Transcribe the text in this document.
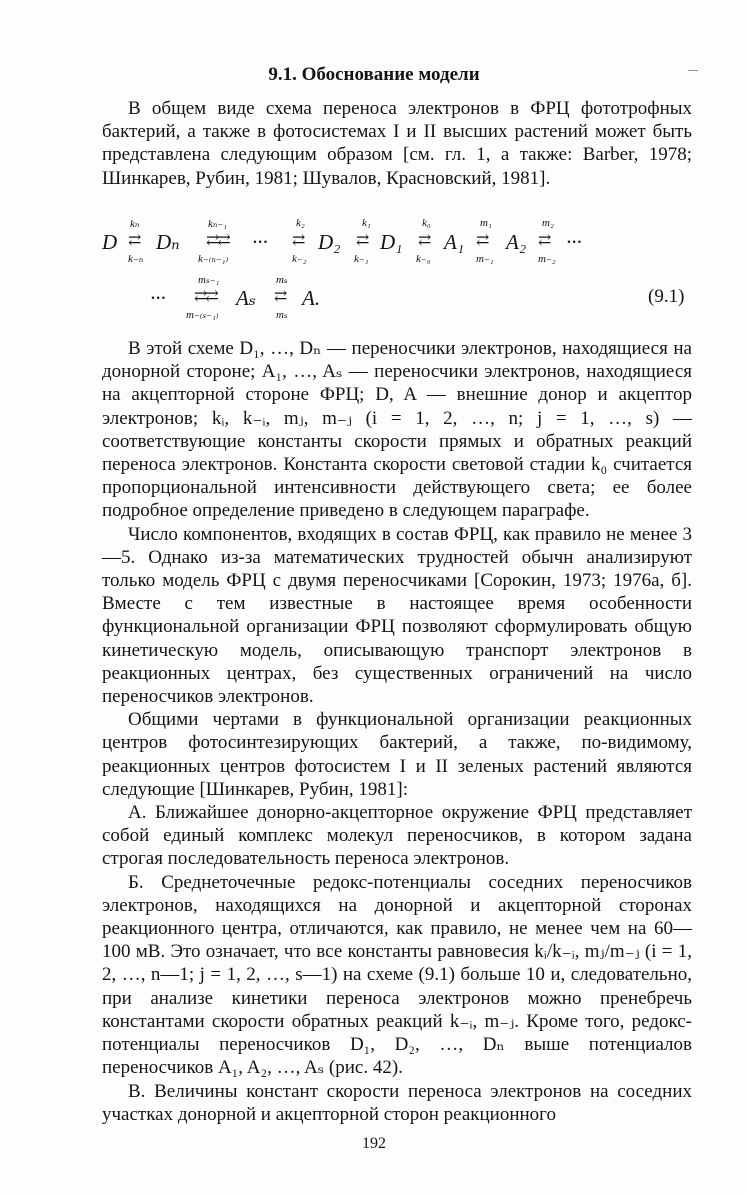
9.1. Обоснование модели

В общем виде схема переноса электронов в ФРЦ фототрофных бактерий, а также в фотосистемах I и II высших растений может быть представлена следующим образом [см. гл. 1, а также: Barber, 1978; Шинкарев, Рубин, 1981; Шувалов, Красновский, 1981].

D
kₙ
⇄
k₋ₙ
Dₙ
kₙ₋₁
⇄⇄
k₋₍ₙ₋₁₎
···
k₂
⇄
k₋₂
D₂
k₁
⇄
k₋₁
D₁
k₀
⇄
k₋₀
A₁
m₁
⇄
m₋₁
A₂
m₂
⇄
m₋₂
···
···
mₛ₋₁
⇄⇄
m₋₍ₛ₋₁₎
Aₛ
mₛ
⇄
mₛ
A.	(9.1)

В этой схеме D₁, …, Dₙ — переносчики электронов, находящиеся на донорной стороне; A₁, …, Aₛ — переносчики электронов, находящиеся на акцепторной стороне ФРЦ; D, A — внешние донор и акцептор электронов; kᵢ, k₋ᵢ, mⱼ, m₋ⱼ (i = 1, 2, …, n; j = 1, …, s) — соответствующие константы скорости прямых и обратных реакций переноса электронов. Константа скорости световой стадии k₀ считается пропорциональной интенсивности действующего света; ее более подробное определение приведено в следующем параграфе.

Число компонентов, входящих в состав ФРЦ, как правило не менее 3—5. Однако из-за математических трудностей обычн анализируют только модель ФРЦ с двумя переносчиками [Сорокин, 1973; 1976а, б]. Вместе с тем известные в настоящее время особенности функциональной организации ФРЦ позволяют сформулировать общую кинетическую модель, описывающую транспорт электронов в реакционных центрах, без существенных ограничений на число переносчиков электронов.

Общими чертами в функциональной организации реакционных центров фотосинтезирующих бактерий, а также, по-видимому, реакционных центров фотосистем I и II зеленых растений являются следующие [Шинкарев, Рубин, 1981]:

А. Ближайшее донорно-акцепторное окружение ФРЦ представляет собой единый комплекс молекул переносчиков, в котором задана строгая последовательность переноса электронов.

Б. Среднеточечные редокс-потенциалы соседних переносчиков электронов, находящихся на донорной и акцепторной сторонах реакционного центра, отличаются, как правило, не менее чем на 60—100 мВ. Это означает, что все константы равновесия kᵢ/k₋ᵢ, mⱼ/m₋ⱼ (i = 1, 2, …, n—1; j = 1, 2, …, s—1) на схеме (9.1) больше 10 и, следовательно, при анализе кинетики переноса электронов можно пренебречь константами скорости обратных реакций k₋ᵢ, m₋ⱼ. Кроме того, редокс-потенциалы переносчиков D₁, D₂, …, Dₙ выше потенциалов переносчиков A₁, A₂, …, Aₛ (рис. 42).

В. Величины констант скорости переноса электронов на соседних участках донорной и акцепторной сторон реакционного

192
